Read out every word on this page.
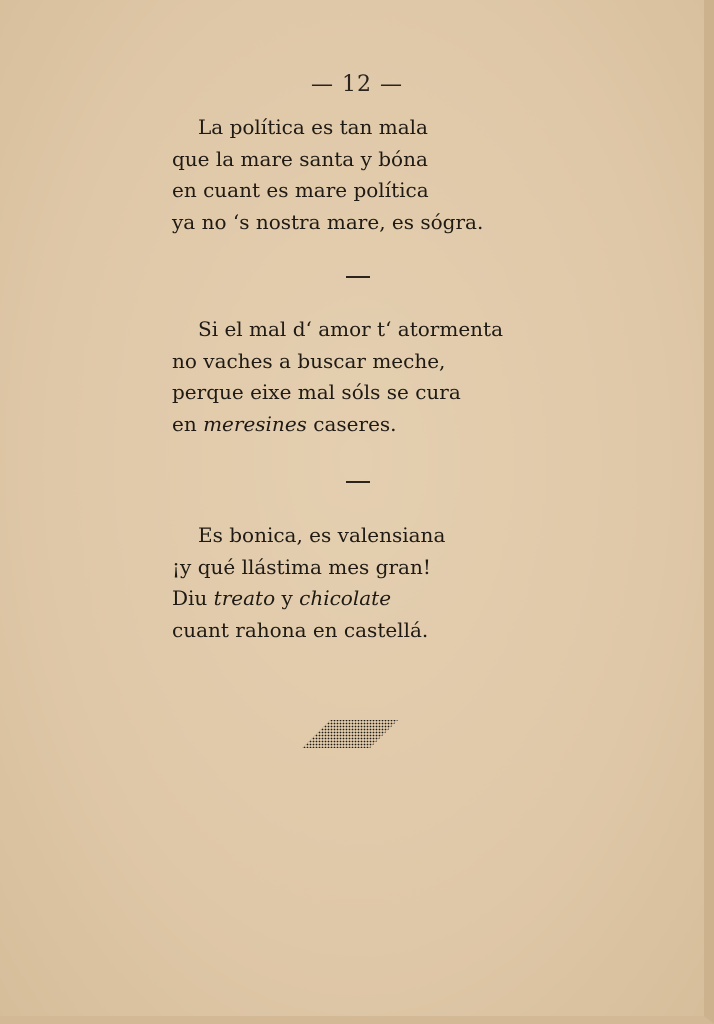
— 12 —
La política es tan mala
que la mare santa y bóna
en cuant es mare política
ya no ‘s nostra mare, es sógra.
Si el mal d‘ amor t‘ atormenta
no vaches a buscar meche,
perque eixe mal sóls se cura
en meresines caseres.
Es bonica, es valensiana
¡y qué llástima mes gran!
Diu treato y chicolate
cuant rahona en castellá.
